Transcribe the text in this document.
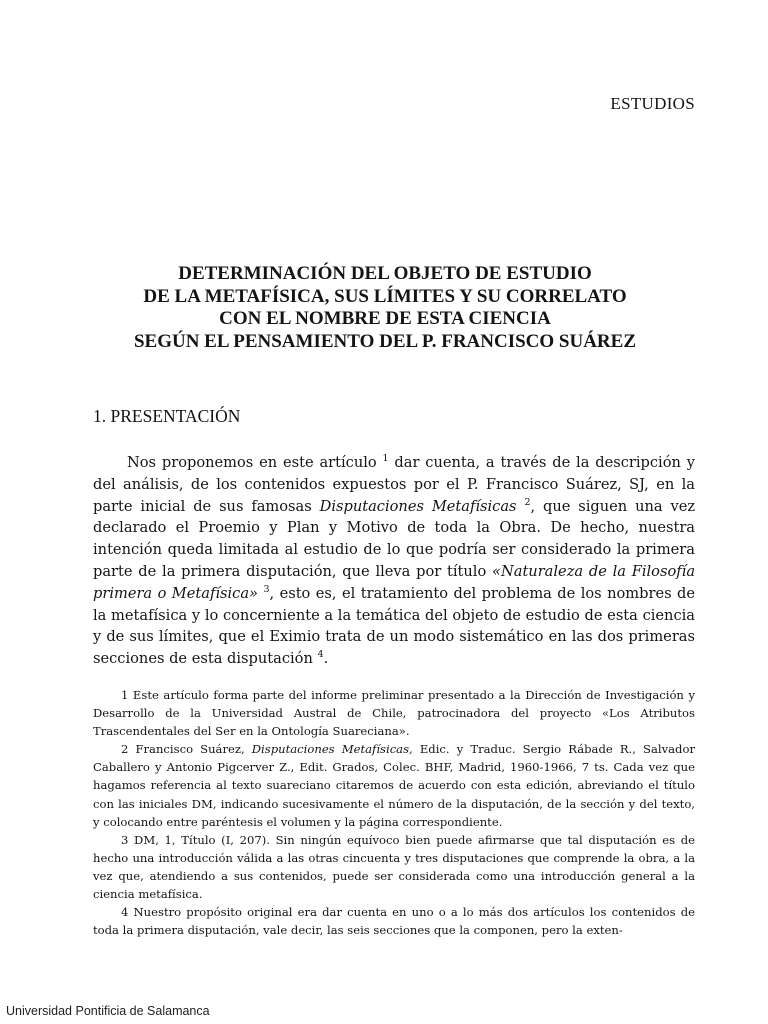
ESTUDIOS
DETERMINACIÓN DEL OBJETO DE ESTUDIO
DE LA METAFÍSICA, SUS LÍMITES Y SU CORRELATO
CON EL NOMBRE DE ESTA CIENCIA
SEGÚN EL PENSAMIENTO DEL P. FRANCISCO SUÁREZ
1. PRESENTACIÓN

Nos proponemos en este artículo $^1$ dar cuenta, a través de la descripción y del análisis, de los contenidos expuestos por el P. Francisco Suárez, SJ, en la parte inicial de sus famosas Disputaciones Metafísicas $^2$, que siguen una vez declarado el Proemio y Plan y Motivo de toda la Obra. De hecho, nuestra intención queda limitada al estudio de lo que podría ser considerado la primera parte de la primera disputación, que lleva por título «Naturaleza de la Filosofía primera o Metafísica» $^3$, esto es, el tratamiento del problema de los nombres de la metafísica y lo concerniente a la temática del objeto de estudio de esta ciencia y de sus límites, que el Eximio trata de un modo sistemático en las dos primeras secciones de esta disputación $^4$.

1 Este artículo forma parte del informe preliminar presentado a la Dirección de Investigación y Desarrollo de la Universidad Austral de Chile, patrocinadora del proyecto «Los Atributos Trascendentales del Ser en la Ontología Suareciana».

2 Francisco Suárez, Disputaciones Metafísicas, Edic. y Traduc. Sergio Rábade R., Salvador Caballero y Antonio Pigcerver Z., Edit. Grados, Colec. BHF, Madrid, 1960-1966, 7 ts. Cada vez que hagamos referencia al texto suareciano citaremos de acuerdo con esta edición, abreviando el título con las iniciales DM, indicando sucesivamente el número de la disputación, de la sección y del texto, y colocando entre paréntesis el volumen y la página correspondiente.

3 DM, 1, Título (I, 207). Sin ningún equívoco bien puede afirmarse que tal disputación es de hecho una introducción válida a las otras cincuenta y tres disputaciones que comprende la obra, a la vez que, atendiendo a sus contenidos, puede ser considerada como una introducción general a la ciencia metafísica.

4 Nuestro propósito original era dar cuenta en uno o a lo más dos artículos los contenidos de toda la primera disputación, vale decir, las seis secciones que la componen, pero la exten-

Universidad Pontificia de Salamanca
